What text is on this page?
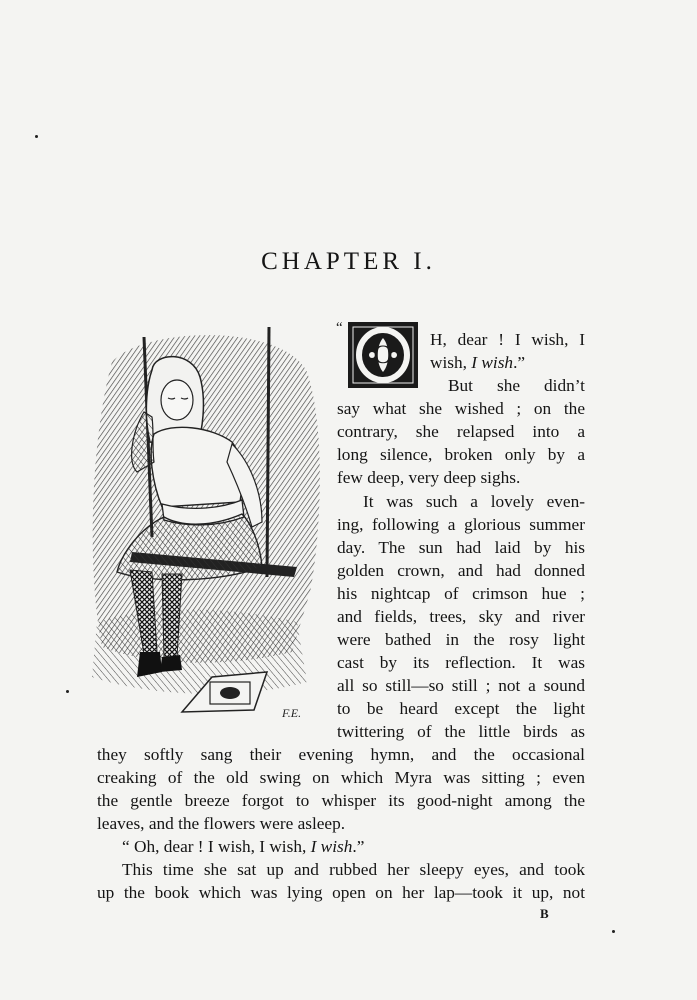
CHAPTER I.
F.E.
“
O
H, dear ! I wish, I
wish, I wish.”
But she didn’t
say what she wished ; on the
contrary, she relapsed into a
long silence, broken only by a
few deep, very deep sighs.
It was such a lovely even-
ing, following a glorious summer
day. The sun had laid by his
golden crown, and had donned
his nightcap of crimson hue ;
and fields, trees, sky and river
were bathed in the rosy light
cast by its reflection. It was
all so still—so still ; not a sound
to be heard except the light
twittering of the little birds as
they softly sang their evening hymn, and the occasional
creaking of the old swing on which Myra was sitting ; even
the gentle breeze forgot to whisper its good-night among the
leaves, and the flowers were asleep.
“ Oh, dear ! I wish, I wish, I wish.”
This time she sat up and rubbed her sleepy eyes, and took
up the book which was lying open on her lap—took it up, not
B
